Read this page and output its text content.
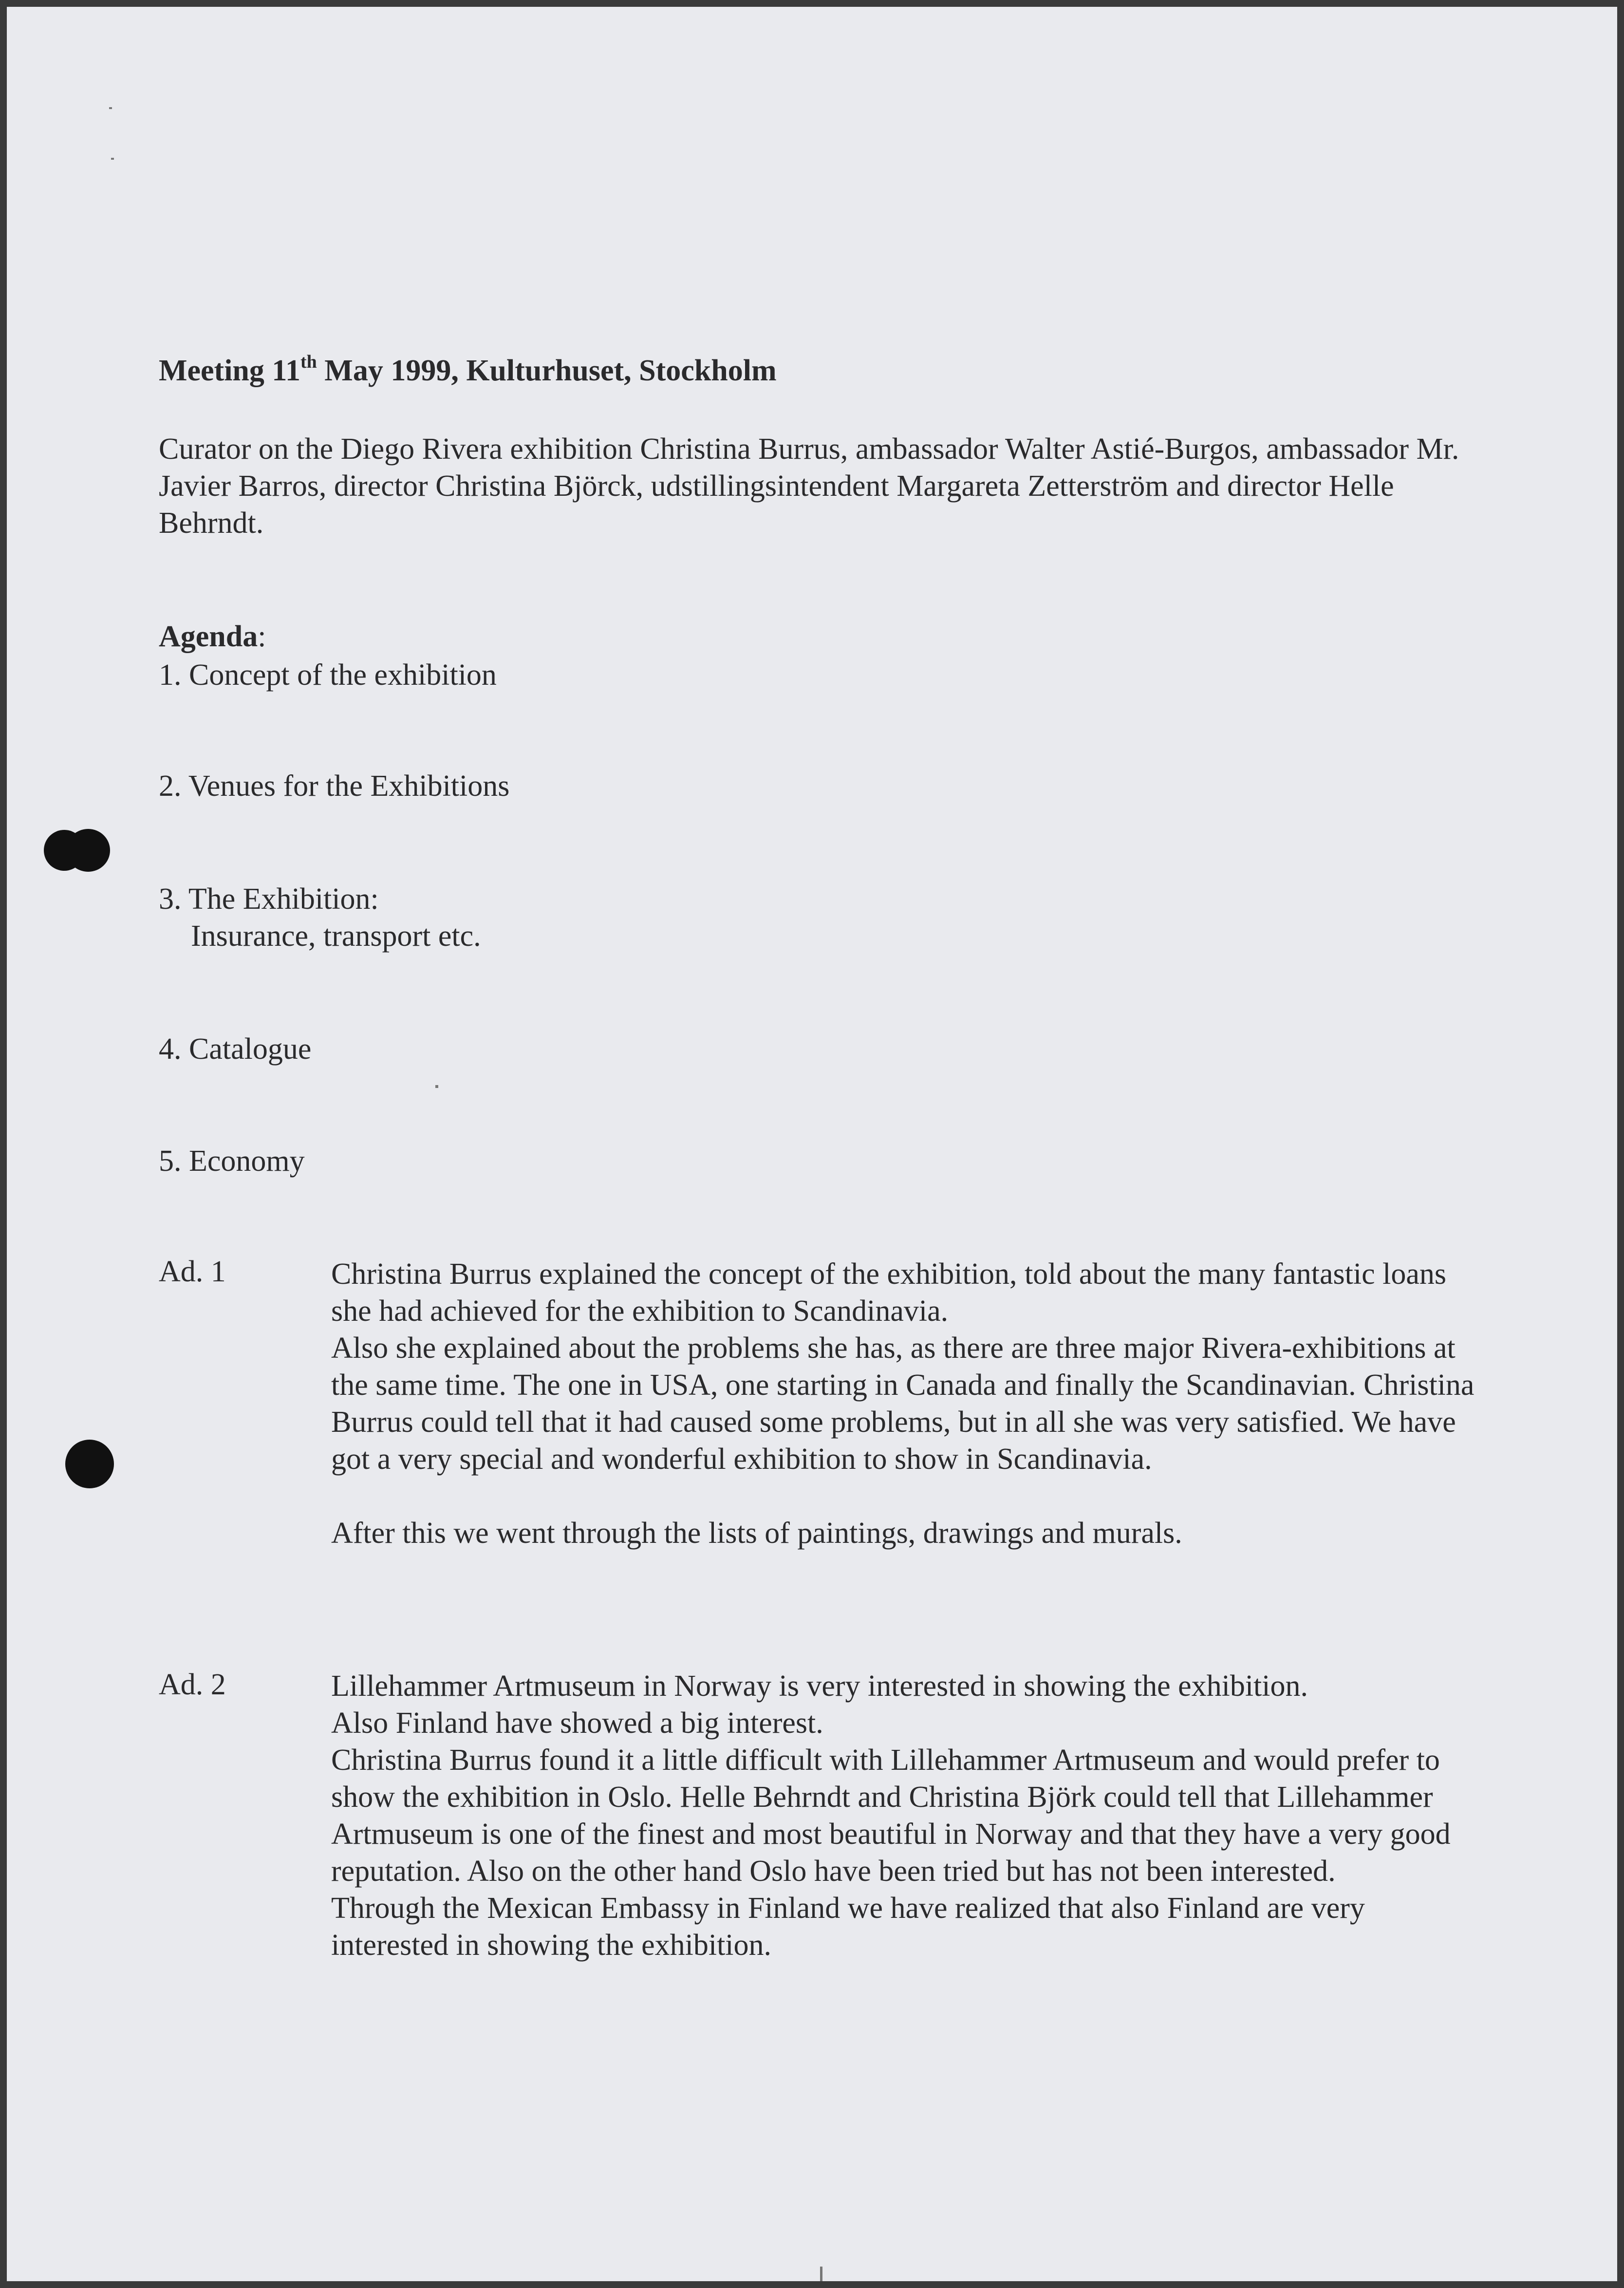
Meeting 11th May 1999, Kulturhuset, Stockholm

Curator on the Diego Rivera exhibition Christina Burrus, ambassador Walter Astié-Burgos, ambassador Mr. Javier Barros, director Christina Björck, udstillingsintendent Margareta Zetterström and director Helle Behrndt.

Agenda:

1. Concept of the exhibition

2. Venues for the Exhibitions

3. The Exhibition:
Insurance, transport etc.

4. Catalogue

5. Economy

Ad. 1	Christina Burrus explained the concept of the exhibition, told about the many fantastic loans she had achieved for the exhibition to Scandinavia.

Also she explained about the problems she has, as there are three major Rivera-exhibitions at the same time. The one in USA, one starting in Canada and finally the Scandinavian. Christina Burrus could tell that it had caused some problems, but in all she was very satisfied. We have got a very special and wonderful exhibition to show in Scandinavia.

After this we went through the lists of paintings, drawings and murals.

Ad. 2	Lillehammer Artmuseum in Norway is very interested in showing the exhibition.

Also Finland have showed a big interest.

Christina Burrus found it a little difficult with Lillehammer Artmuseum and would prefer to show the exhibition in Oslo. Helle Behrndt and Christina Björk could tell that Lillehammer Artmuseum is one of the finest and most beautiful in Norway and that they have a very good reputation. Also on the other hand Oslo have been tried but has not been interested.

Through the Mexican Embassy in Finland we have realized that also Finland are very interested in showing the exhibition.
